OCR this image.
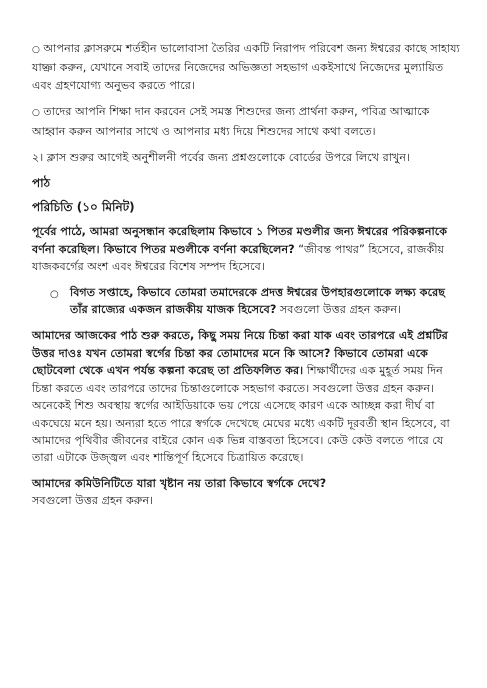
○ আপনার ক্লাসরুমে শর্তহীন ভালোবাসা তৈরির একটি নিরাপদ পরিবেশ জন্য ঈশ্বরের কাছে সাহায্য যাচ্ঞা করুন, যেখানে সবাই তাদের নিজেদের অভিজ্ঞতা সহভাগ একইসাথে নিজেদের মুল্যায়িত এবং গ্রহণযোগ্য অনুভব করতে পারে।

○ তাদের আপনি শিক্ষা দান করবেন সেই সমস্ত শিশুদের জন্য প্রার্থনা করুন, পবিত্র আত্মাকে আহ্বান করুন আপনার সাথে ও আপনার মধ্য দিয়ে শিশুদের সাথে কথা বলতে।

২। ক্লাস শুরুর আগেই অনুশীলনী পর্বের জন্য প্রশ্নগুলোকে বোর্ডের উপরে লিখে রাখুন।

পাঠ
পরিচিতি (১০ মিনিট)

পূর্বের পাঠে, আমরা অনুসন্ধান করেছিলাম কিভাবে ১ পিতর মণ্ডলীর জন্য ঈশ্বরের পরিকল্পনাকে বর্ণনা করেছিল। কিভাবে পিতর মণ্ডলীকে বর্ণনা করেছিলেন? “জীবন্ত পাথর” হিসেবে, রাজকীয় যাজকবর্গের অংশ এবং ঈশ্বরের বিশেষ সম্পদ হিসেবে।

○	বিগত সপ্তাহে, কিভাবে তোমরা তমাদেরকে প্রদত্ত ঈশ্বরের উপহারগুলোকে লক্ষ্য করেছ তাঁর রাজ্যের একজন রাজকীয় যাজক হিসেবে? সবগুলো উত্তর গ্রহন করুন।

আমাদের আজকের পাঠ শুরু করতে, কিছু সময় নিয়ে চিন্তা করা যাক এবং তারপরে এই প্রশ্নটির উত্তর দাওঃ যখন তোমরা স্বর্গের চিন্তা কর তোমাদের মনে কি আসে? কিভাবে তোমরা একে ছোটবেলা থেকে এখন পর্যন্ত কল্পনা করেছ তা প্রতিফলিত কর। শিক্ষার্থীদের এক মুহূর্ত সময় দিন চিন্তা করতে এবং তারপরে তাদের চিন্তাগুলোকে সহভাগ করতে। সবগুলো উত্তর গ্রহন করুন। অনেকেই শিশু অবস্থায় স্বর্গের আইডিয়াকে ভয় পেয়ে এসেছে কারণ একে আচ্ছন্ন করা দীর্ঘ বা একঘেয়ে মনে হয়। অন্যরা হতে পারে স্বর্গকে দেখেছে মেঘের মধ্যে একটি দূরবর্তী স্থান হিসেবে, বা আমাদের পৃথিবীর জীবনের বাইরে কোন এক ভিন্ন বাস্তবতা হিসেবে। কেউ কেউ বলতে পারে যে তারা এটাকে উজ্জ্বল এবং শান্তিপূর্ণ হিসেবে চিত্রায়িত করেছে।

আমাদের কমিউনিটিতে যারা খৃষ্টান নয় তারা কিভাবে স্বর্গকে দেখে?
সবগুলো উত্তর গ্রহন করুন।
